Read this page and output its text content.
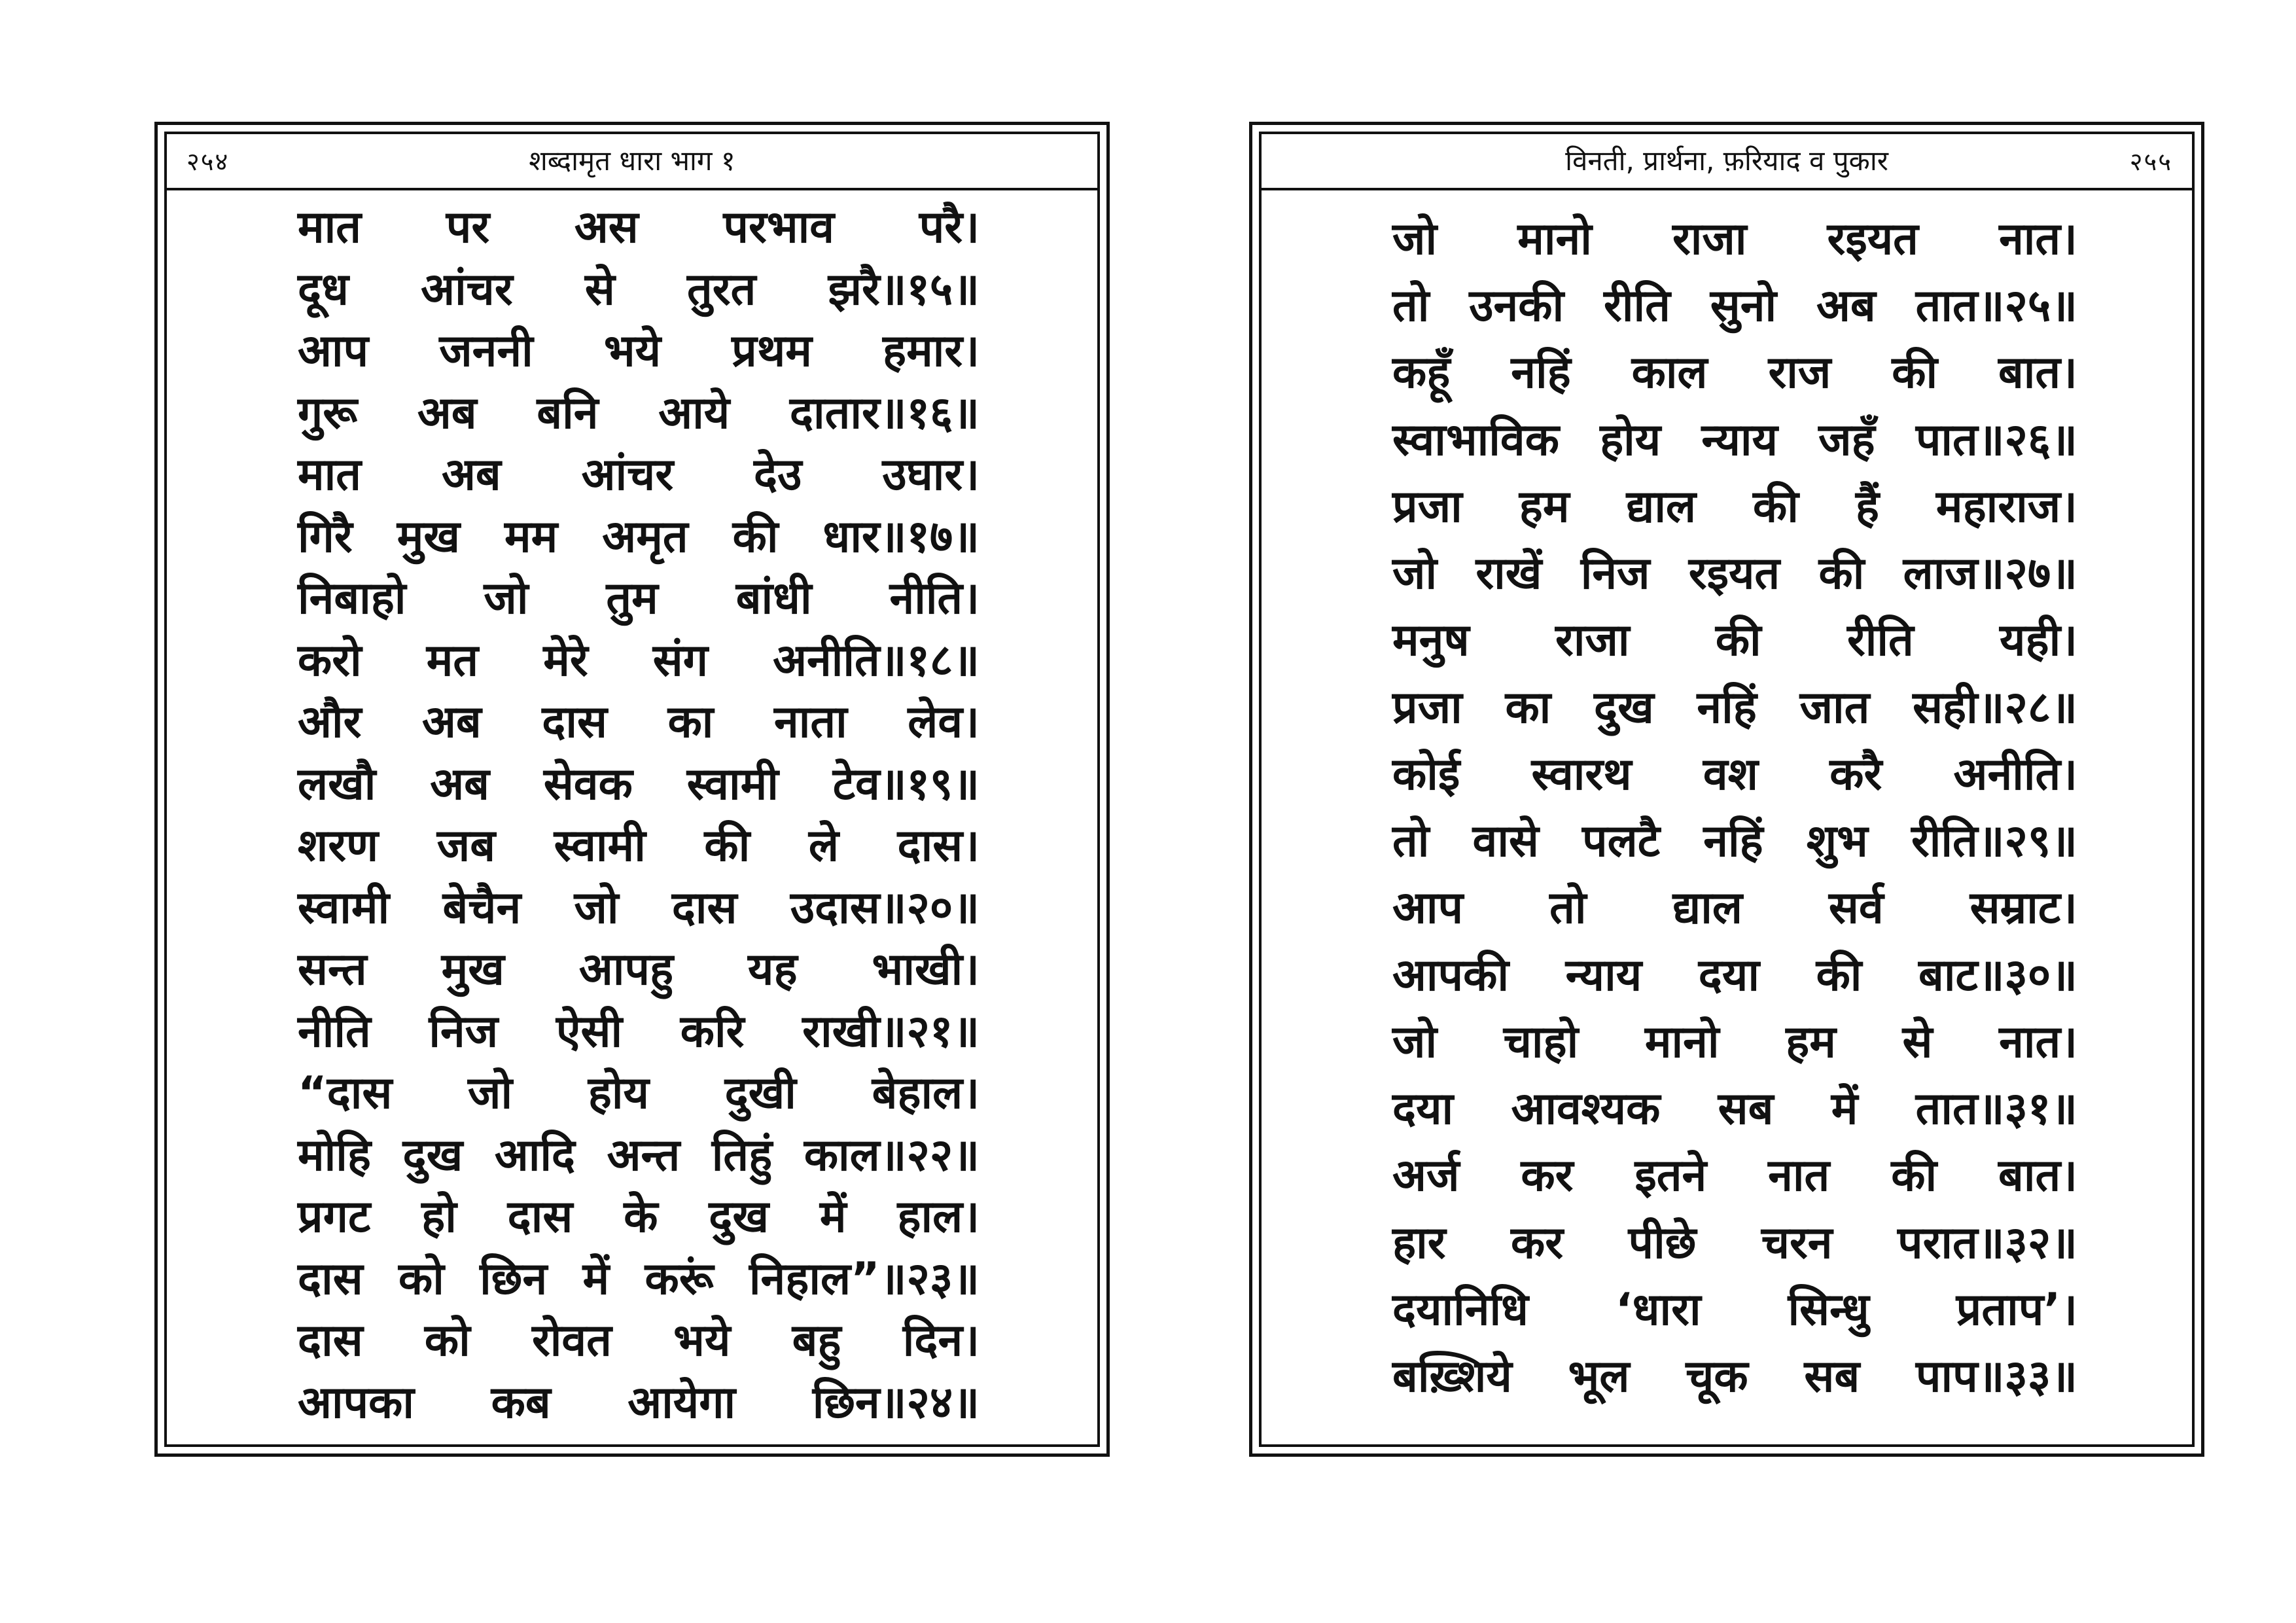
२५४	शब्दामृत धारा भाग १
मात पर अस परभाव परै।
दूध आंचर से तुरत झरै॥१५॥
आप जननी भये प्रथम हमार।
गुरू अब बनि आये दातार॥१६॥
मात अब आंचर देउ उघार।
गिरै मुख मम अमृत की धार॥१७॥
निबाहो जो तुम बांधी नीति।
करो मत मेरे संग अनीति॥१८॥
और अब दास का नाता लेव।
लखौ अब सेवक स्वामी टेव॥१९॥
शरण जब स्वामी की ले दास।
स्वामी बेचैन जो दास उदास॥२०॥
सन्त मुख आपहु यह भाखी।
नीति निज ऐसी करि राखी॥२१॥
“दास जो होय दुखी बेहाल।
मोहि दुख आदि अन्त तिहुं काल॥२२॥
प्रगट हो दास के दुख में हाल।
दास को छिन में करूं निहाल”॥२३॥
दास को रोवत भये बहु दिन।
आपका कब आयेगा छिन॥२४॥
विनती, प्रार्थना, फ़रियाद व पुकार	२५५
जो मानो राजा रइयत नात।
तो उनकी रीति सुनो अब तात॥२५॥
कहूँ नहिं काल राज की बात।
स्वाभाविक होय न्याय जहँ पात॥२६॥
प्रजा हम द्याल की हैं महाराज।
जो राखें निज रइयत की लाज॥२७॥
मनुष राजा की रीति यही।
प्रजा का दुख नहिं जात सही॥२८॥
कोई स्वारथ वश करै अनीति।
तो वासे पलटै नहिं शुभ रीति॥२९॥
आप तो द्याल सर्व सम्राट।
आपकी न्याय दया की बाट॥३०॥
जो चाहो मानो हम से नात।
दया आवश्यक सब में तात॥३१॥
अर्ज कर इतने नात की बात।
हार कर पीछे चरन परात॥३२॥
दयानिधि ‘धारा सिन्धु प्रताप’।
बख़्शिये भूल चूक सब पाप॥३३॥
